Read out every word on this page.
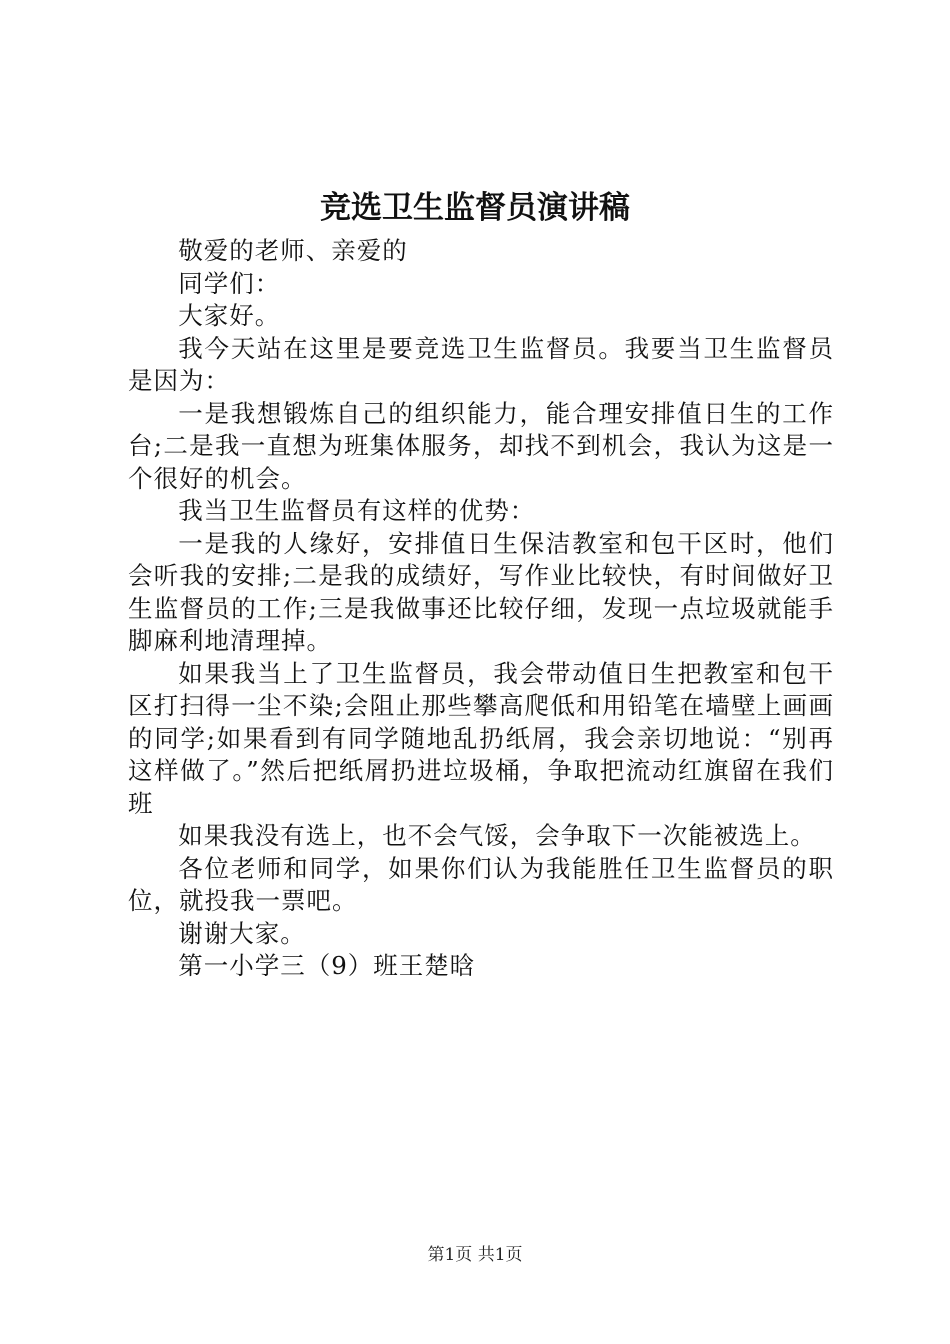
竞选卫生监督员演讲稿

敬爱的老师、亲爱的

同学们：

大家好。

我今天站在这里是要竞选卫生监督员。我要当卫生监督员是因为：

一是我想锻炼自己的组织能力，能合理安排值日生的工作台;二是我一直想为班集体服务，却找不到机会，我认为这是一个很好的机会。

我当卫生监督员有这样的优势：

一是我的人缘好，安排值日生保洁教室和包干区时，他们会听我的安排;二是我的成绩好，写作业比较快，有时间做好卫生监督员的工作;三是我做事还比较仔细，发现一点垃圾就能手脚麻利地清理掉。

如果我当上了卫生监督员，我会带动值日生把教室和包干区打扫得一尘不染;会阻止那些攀高爬低和用铅笔在墙壁上画画的同学;如果看到有同学随地乱扔纸屑，我会亲切地说：“别再这样做了。”然后把纸屑扔进垃圾桶，争取把流动红旗留在我们班

如果我没有选上，也不会气馁，会争取下一次能被选上。

各位老师和同学，如果你们认为我能胜任卫生监督员的职位，就投我一票吧。

谢谢大家。

第一小学三（9）班王楚晗

第1页 共1页
